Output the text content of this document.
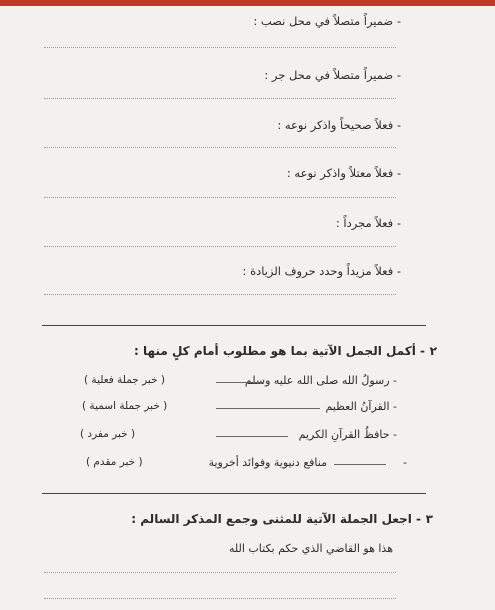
- ضميراً متصلاً في محل نصب :
- ضميراً متصلاً في محل جر :
- فعلاً صحيحاً واذكر نوعه :
- فعلاً معتلاً واذكر نوعه :
- فعلاً مجرداً :
- فعلاً مزيداً وحدد حروف الزيادة :
٢
- أكمل الجمل الآتية بما هو مطلوب أمام كلٍ منها :
- رسولُ الله صلى الله عليه وسلم
( خبر جملة فعلية )
- القرآنُ العظيم
( خبر جملة اسمية )
- حافظُ القرآنِ الكريم
( خبر مفرد )
-
منافع دنيوية وفوائد أخروية
( خبر مقدم )
٣
- اجعل الجملة الآتية للمثنى وجمع المذكر السالم :
هذا هو القاضي الذي حكم بكتاب الله
